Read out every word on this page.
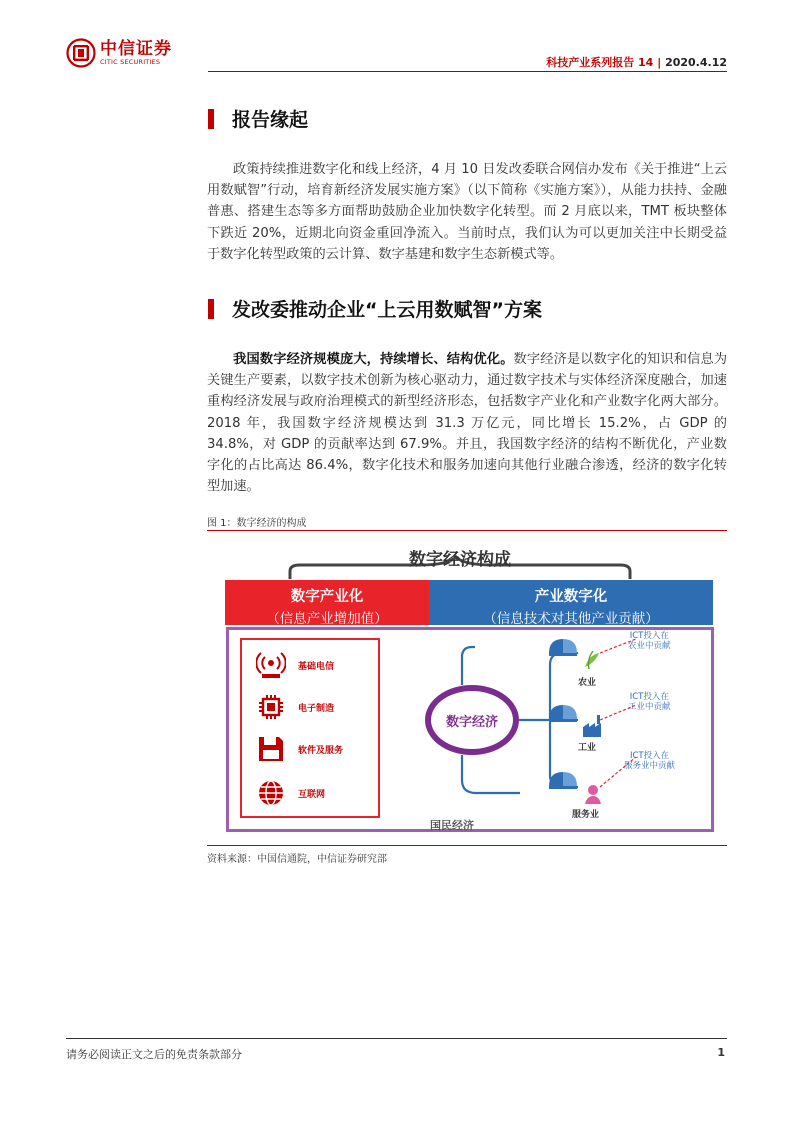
中信证券
CITIC SECURITIES	科技产业系列报告 14 | 2020.4.12
报告缘起
政策持续推进数字化和线上经济，4 月 10 日发改委联合网信办发布《关于推进“上云用数赋智”行动，培育新经济发展实施方案》（以下简称《实施方案》），从能力扶持、金融普惠、搭建生态等多方面帮助鼓励企业加快数字化转型。而 2 月底以来，TMT 板块整体下跌近 20%，近期北向资金重回净流入。当前时点，我们认为可以更加关注中长期受益于数字化转型政策的云计算、数字基建和数字生态新模式等。
发改委推动企业“上云用数赋智”方案
我国数字经济规模庞大，持续增长、结构优化。数字经济是以数字化的知识和信息为关键生产要素，以数字技术创新为核心驱动力，通过数字技术与实体经济深度融合，加速重构经济发展与政府治理模式的新型经济形态，包括数字产业化和产业数字化两大部分。2018 年，我国数字经济规模达到 31.3 万亿元，同比增长 15.2%，占 GDP 的 34.8%，对 GDP 的贡献率达到 67.9%。并且，我国数字经济的结构不断优化，产业数字化的占比高达 86.4%，数字化技术和服务加速向其他行业融合渗透，经济的数字化转型加速。
图 1：数字经济的构成
数字经济构成
数字产业化
（信息产业增加值）
产业数字化
（信息技术对其他产业贡献）
基础电信
电子制造
软件及服务
互联网
数字经济
农业
工业
服务业
ICT投入在
农业中贡献
ICT投入在
工业中贡献
ICT投入在
服务业中贡献
国民经济
资料来源：中国信通院，中信证券研究部
请务必阅读正文之后的免责条款部分	1
